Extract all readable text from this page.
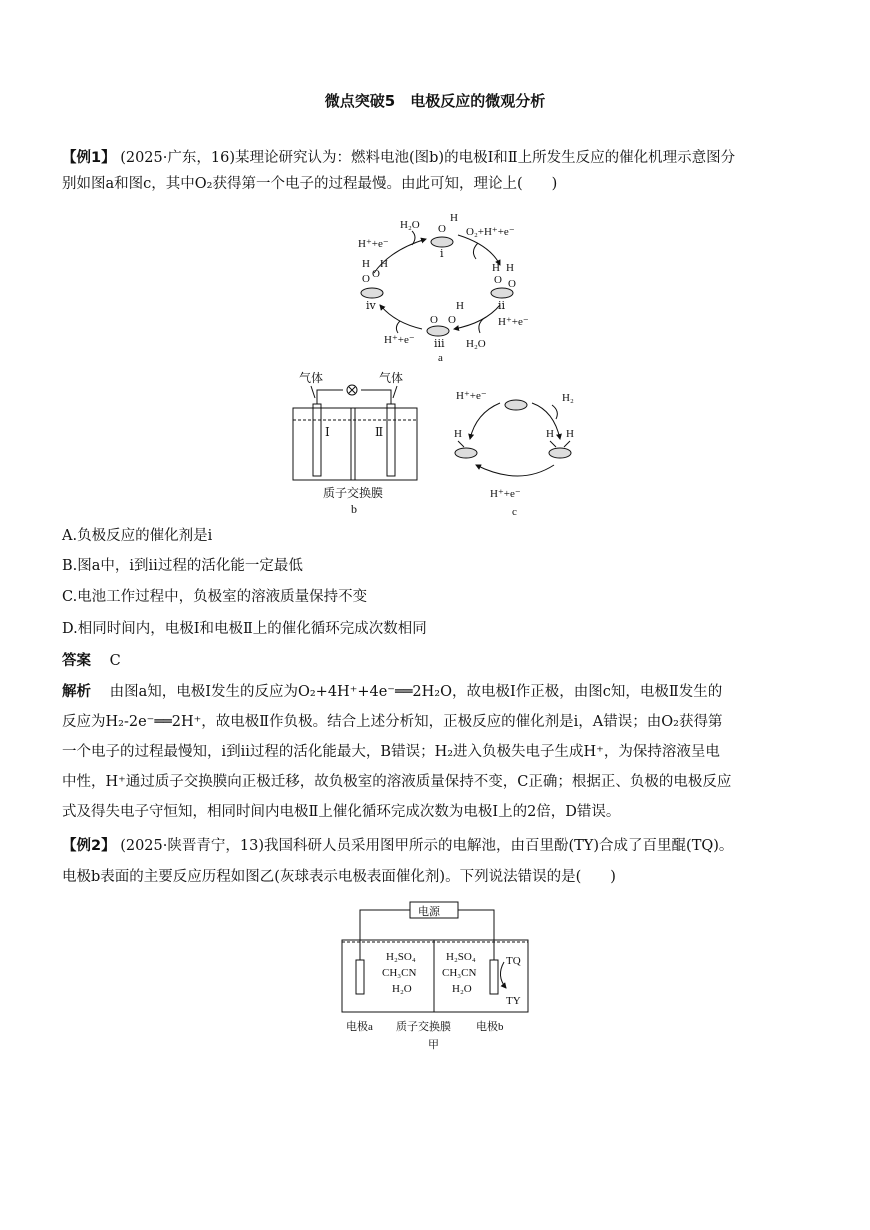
微点突破5　电极反应的微观分析
【例1】 (2025·广东，16)某理论研究认为：燃料电池(图b)的电极Ⅰ和Ⅱ上所发生反应的催化机理示意图分
别如图a和图c，其中O₂获得第一个电子的过程最慢。由此可知，理论上(　　)
O
H
H H
O O
O O
H
O O
H H
ⅰ
ⅱ
ⅲ
ⅳ
H₂O
H⁺+e⁻
O₂+H⁺+e⁻
H⁺+e⁻
H₂O
H⁺+e⁻
a
气体	气体
Ⅰ	Ⅱ
质子交换膜
b
H⁺+e⁻	H₂
H	H H
H⁺+e⁻
c
A.负极反应的催化剂是ⅰ
B.图a中，ⅰ到ⅱ过程的活化能一定最低
C.电池工作过程中，负极室的溶液质量保持不变
D.相同时间内，电极Ⅰ和电极Ⅱ上的催化循环完成次数相同
答案 C
解析 由图a知，电极Ⅰ发生的反应为O₂+4H⁺+4e⁻══2H₂O，故电极Ⅰ作正极，由图c知，电极Ⅱ发生的
反应为H₂-2e⁻══2H⁺，故电极Ⅱ作负极。结合上述分析知，正极反应的催化剂是ⅰ，A错误；由O₂获得第
一个电子的过程最慢知，ⅰ到ⅱ过程的活化能最大，B错误；H₂进入负极失电子生成H⁺，为保持溶液呈电
中性，H⁺通过质子交换膜向正极迁移，故负极室的溶液质量保持不变，C正确；根据正、负极的电极反应
式及得失电子守恒知，相同时间内电极Ⅱ上催化循环完成次数为电极Ⅰ上的2倍，D错误。
【例2】 (2025·陕晋青宁，13)我国科研人员采用图甲所示的电解池，由百里酚(TY)合成了百里醌(TQ)。
电极b表面的主要反应历程如图乙(灰球表示电极表面催化剂)。下列说法错误的是(　　)
电源
H₂SO₄
CH₃CN
H₂O
H₂SO₄
CH₃CN
H₂O
TQ
TY
电极a 质子交换膜 电极b
甲
